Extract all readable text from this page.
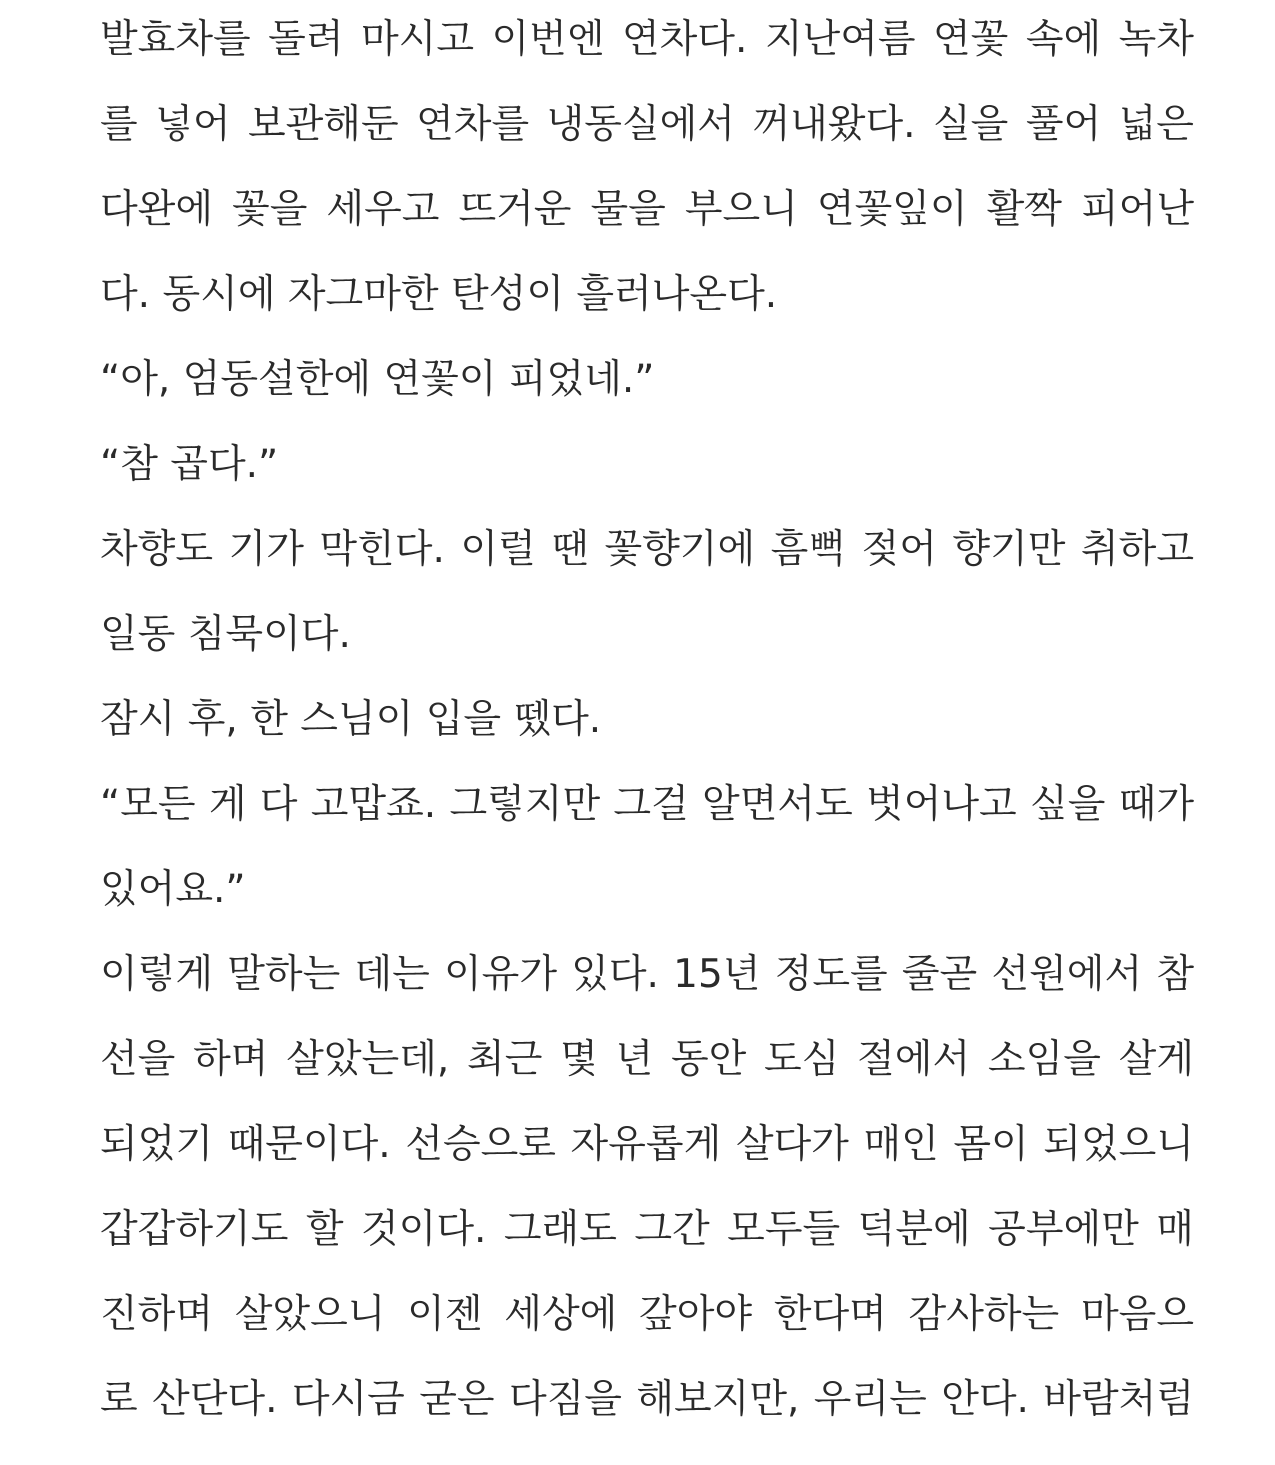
발효차를 돌려 마시고 이번엔 연차다. 지난여름 연꽃 속에 녹차
를 넣어 보관해둔 연차를 냉동실에서 꺼내왔다. 실을 풀어 넓은
다완에 꽃을 세우고 뜨거운 물을 부으니 연꽃잎이 활짝 피어난
다. 동시에 자그마한 탄성이 흘러나온다.
“아, 엄동설한에 연꽃이 피었네.”
“참 곱다.”
차향도 기가 막힌다. 이럴 땐 꽃향기에 흠뻑 젖어 향기만 취하고
일동 침묵이다.
잠시 후, 한 스님이 입을 뗐다.
“모든 게 다 고맙죠. 그렇지만 그걸 알면서도 벗어나고 싶을 때가
있어요.”
이렇게 말하는 데는 이유가 있다. 15년 정도를 줄곧 선원에서 참
선을 하며 살았는데, 최근 몇 년 동안 도심 절에서 소임을 살게
되었기 때문이다. 선승으로 자유롭게 살다가 매인 몸이 되었으니
갑갑하기도 할 것이다. 그래도 그간 모두들 덕분에 공부에만 매
진하며 살았으니 이젠 세상에 갚아야 한다며 감사하는 마음으
로 산단다. 다시금 굳은 다짐을 해보지만, 우리는 안다. 바람처럼
